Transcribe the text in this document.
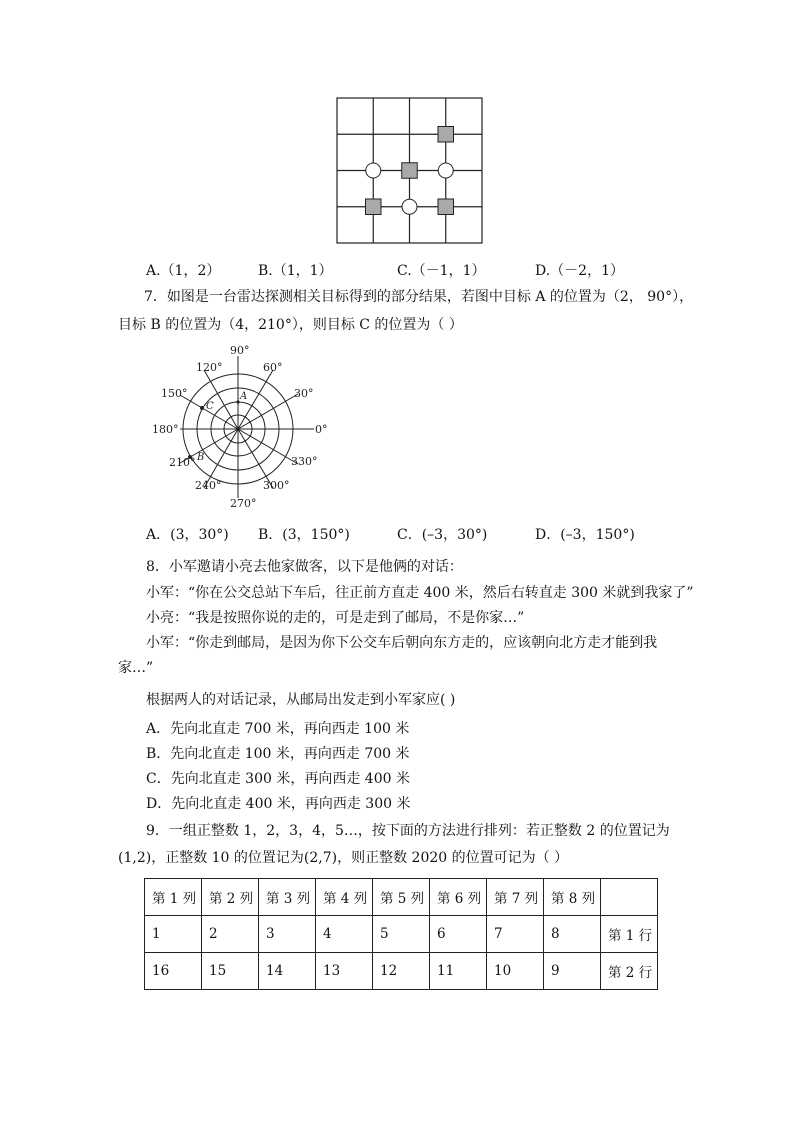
A.（1，2）	B.（1，1）	C.（－1，1）	D.（－2，1）
7．如图是一台雷达探测相关目标得到的部分结果，若图中目标 A 的位置为（2， 90°），
目标 B 的位置为（4，210°），则目标 C 的位置为（ ）
90°
60°
30°
0°
330°
300°
270°
240°
210°
180°
150°
120°
A
B
C
A．(3，30°) B．(3，150°)	C．(–3，30°)	D．(–3，150°)
8．小军邀请小亮去他家做客，以下是他俩的对话：
小军：“你在公交总站下车后，往正前方直走 400 米，然后右转直走 300 米就到我家了”
小亮：“我是按照你说的走的，可是走到了邮局，不是你家…”
小军：“你走到邮局，是因为你下公交车后朝向东方走的，应该朝向北方走才能到我
家…”
根据两人的对话记录，从邮局出发走到小军家应( )
A．先向北直走 700 米，再向西走 100 米
B．先向北直走 100 米，再向西走 700 米
C．先向北直走 300 米，再向西走 400 米
D．先向北直走 400 米，再向西走 300 米
9．一组正整数 1，2，3，4，5…，按下面的方法进行排列：若正整数 2 的位置记为
(1,2)，正整数 10 的位置记为(2,7)，则正整数 2020 的位置可记为（ ）
第 1 列	第 2 列	第 3 列	第 4 列	第 5 列	第 6 列	第 7 列	第 8 列	
1	2	3	4	5	6	7	8	第 1 行
16	15	14	13	12	11	10	9	第 2 行
